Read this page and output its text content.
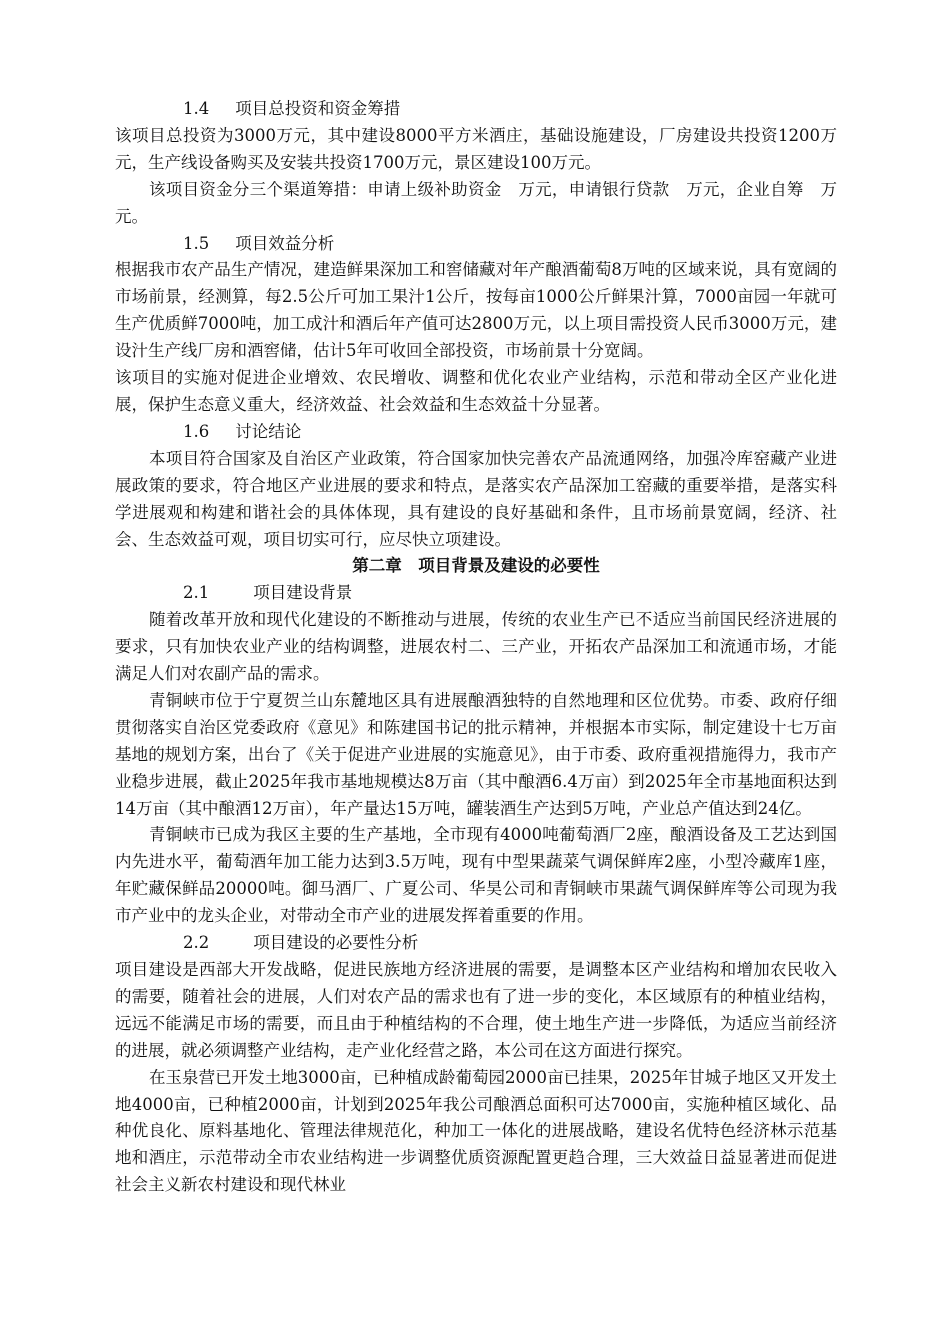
1.4 项目总投资和资金筹措

该项目总投资为3000万元，其中建设8000平方米酒庄，基础设施建设，厂房建设共投资1200万元，生产线设备购买及安装共投资1700万元，景区建设100万元。

该项目资金分三个渠道筹措：申请上级补助资金　万元，申请银行贷款　万元，企业自筹　万元。

1.5 项目效益分析

根据我市农产品生产情况，建造鲜果深加工和窖储藏对年产酿酒葡萄8万吨的区域来说，具有宽阔的市场前景，经测算，每2.5公斤可加工果汁1公斤，按每亩1000公斤鲜果汁算，7000亩园一年就可生产优质鲜7000吨，加工成汁和酒后年产值可达2800万元，以上项目需投资人民币3000万元，建设汁生产线厂房和酒窖储，估计5年可收回全部投资，市场前景十分宽阔。

该项目的实施对促进企业增效、农民增收、调整和优化农业产业结构，示范和带动全区产业化进展，保护生态意义重大，经济效益、社会效益和生态效益十分显著。

1.6 讨论结论

本项目符合国家及自治区产业政策，符合国家加快完善农产品流通网络，加强冷库窑藏产业进展政策的要求，符合地区产业进展的要求和特点，是落实农产品深加工窑藏的重要举措，是落实科学进展观和构建和谐社会的具体体现，具有建设的良好基础和条件，且市场前景宽阔，经济、社会、生态效益可观，项目切实可行，应尽快立项建设。

第二章　项目背景及建设的必要性

2.1	项目建设背景

随着改革开放和现代化建设的不断推动与进展，传统的农业生产已不适应当前国民经济进展的要求，只有加快农业产业的结构调整，进展农村二、三产业，开拓农产品深加工和流通市场，才能满足人们对农副产品的需求。

青铜峡市位于宁夏贺兰山东麓地区具有进展酿酒独特的自然地理和区位优势。市委、政府仔细贯彻落实自治区党委政府《意见》和陈建国书记的批示精神，并根据本市实际，制定建设十七万亩基地的规划方案，出台了《关于促进产业进展的实施意见》，由于市委、政府重视措施得力，我市产业稳步进展，截止2025年我市基地规模达8万亩（其中酿酒6.4万亩）到2025年全市基地面积达到14万亩（其中酿酒12万亩），年产量达15万吨，罐装酒生产达到5万吨，产业总产值达到24亿。

青铜峡市已成为我区主要的生产基地，全市现有4000吨葡萄酒厂2座，酿酒设备及工艺达到国内先进水平，葡萄酒年加工能力达到3.5万吨，现有中型果蔬菜气调保鲜库2座，小型冷藏库1座，年贮藏保鲜品20000吨。御马酒厂、广夏公司、华昊公司和青铜峡市果蔬气调保鲜库等公司现为我市产业中的龙头企业，对带动全市产业的进展发挥着重要的作用。

2.2	项目建设的必要性分析

项目建设是西部大开发战略，促进民族地方经济进展的需要，是调整本区产业结构和增加农民收入的需要，随着社会的进展，人们对农产品的需求也有了进一步的变化，本区域原有的种植业结构，远远不能满足市场的需要，而且由于种植结构的不合理，使土地生产进一步降低，为适应当前经济的进展，就必须调整产业结构，走产业化经营之路，本公司在这方面进行探究。

在玉泉营已开发土地3000亩，已种植成龄葡萄园2000亩已挂果，2025年甘城子地区又开发土地4000亩，已种植2000亩，计划到2025年我公司酿酒总面积可达7000亩，实施种植区域化、品种优良化、原料基地化、管理法律规范化，种加工一体化的进展战略，建设名优特色经济林示范基地和酒庄，示范带动全市农业结构进一步调整优质资源配置更趋合理，三大效益日益显著进而促进社会主义新农村建设和现代林业
